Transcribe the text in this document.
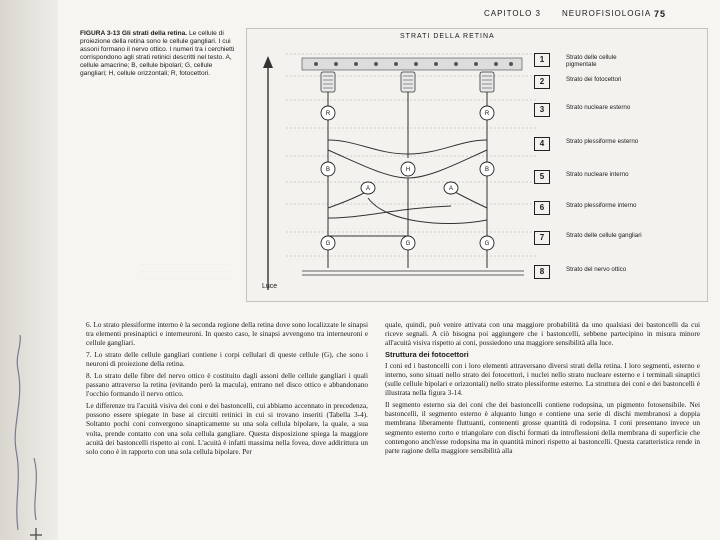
CAPITOLO 3	NEUROFISIOLOGIA 75
FIGURA 3-13 Gli strati della retina. Le cellule di proiezione della retina sono le cellule gangliari. I cui assoni formano il nervo ottico. I numeri tra i cerchietti corrispondono agli strati retinici descritti nel testo. A, cellule amacrine; B, cellule bipolari; G, cellule gangliari; H, cellule orizzontali; R, fotocettori.
············································· ············································· ·············································
STRATI DELLA RETINA
R	R
B	H	B
A	A
G	G	G
Luce
1	Strato delle cellule pigmentate
2	Strato dei fotocettori
3	Strato nucleare esterno
4	Strato plessiforme esterno
5	Strato nucleare interno
6	Strato plessiforme interno
7	Strato delle cellule gangliari
8	Strato del nervo ottico

6. Lo strato plessiforme interno è la seconda regione della retina dove sono localizzate le sinapsi tra elementi presinaptici e interneuroni. In questo caso, le sinapsi avvengono tra interneuroni e cellule gangliari.

7. Lo strato delle cellule gangliari contiene i corpi cellulari di queste cellule (G), che sono i neuroni di proiezione della retina.

8. Lo strato delle fibre del nervo ottico è costituito dagli assoni delle cellule gangliari i quali passano attraverso la retina (evitando però la macula), entrano nel disco ottico e abbandonano l'occhio formando il nervo ottico.

Le differenze tra l'acuità visiva dei coni e dei bastoncelli, cui abbiamo accennato in precedenza, possono essere spiegate in base ai circuiti retinici in cui si trovano inseriti (Tabella 3-4). Soltanto pochi coni convergono sinapticamente su una sola cellula bipolare, la quale, a sua volta, prende contatto con una sola cellula gangliare. Questa disposizione spiega la maggiore acuità dei bastoncelli rispetto ai coni. L'acuità è infatti massima nella fovea, dove addirittura un solo cono è in rapporto con una sola cellula bipolare. Per

quale, quindi, può venire attivata con una maggiore probabilità da uno qualsiasi dei bastoncelli da cui riceve segnali. A ciò bisogna poi aggiungere che i bastoncelli, sebbene partecipino in misura minore all'acuità visiva rispetto ai coni, possiedono una maggiore sensibilità alla luce.

Struttura dei fotocettori

I coni ed i bastoncelli con i loro elementi attraversano diversi strati della retina. I loro segmenti, esterno e interno, sono situati nello strato dei fotocettori, i nuclei nello strato nucleare esterno e i terminali sinaptici (sulle cellule bipolari e orizzontali) nello strato plessiforme esterno. La struttura dei coni e dei bastoncelli è illustrata nella figura 3-14.

Il segmento esterno sia dei coni che dei bastoncelli contiene rodopsina, un pigmento fotosensibile. Nei bastoncelli, il segmento esterno è alquanto lungo e contiene una serie di dischi membranosi a doppia membrana liberamente fluttuanti, contenenti grosse quantità di rodopsina. I coni presentano invece un segmento esterno corto e triangolare con dischi formati da introflessioni della membrana di superficie che contengono anch'esse rodopsina ma in quantità minori rispetto ai bastoncelli. Questa caratteristica rende in parte ragione della maggiore sensibilità alla
